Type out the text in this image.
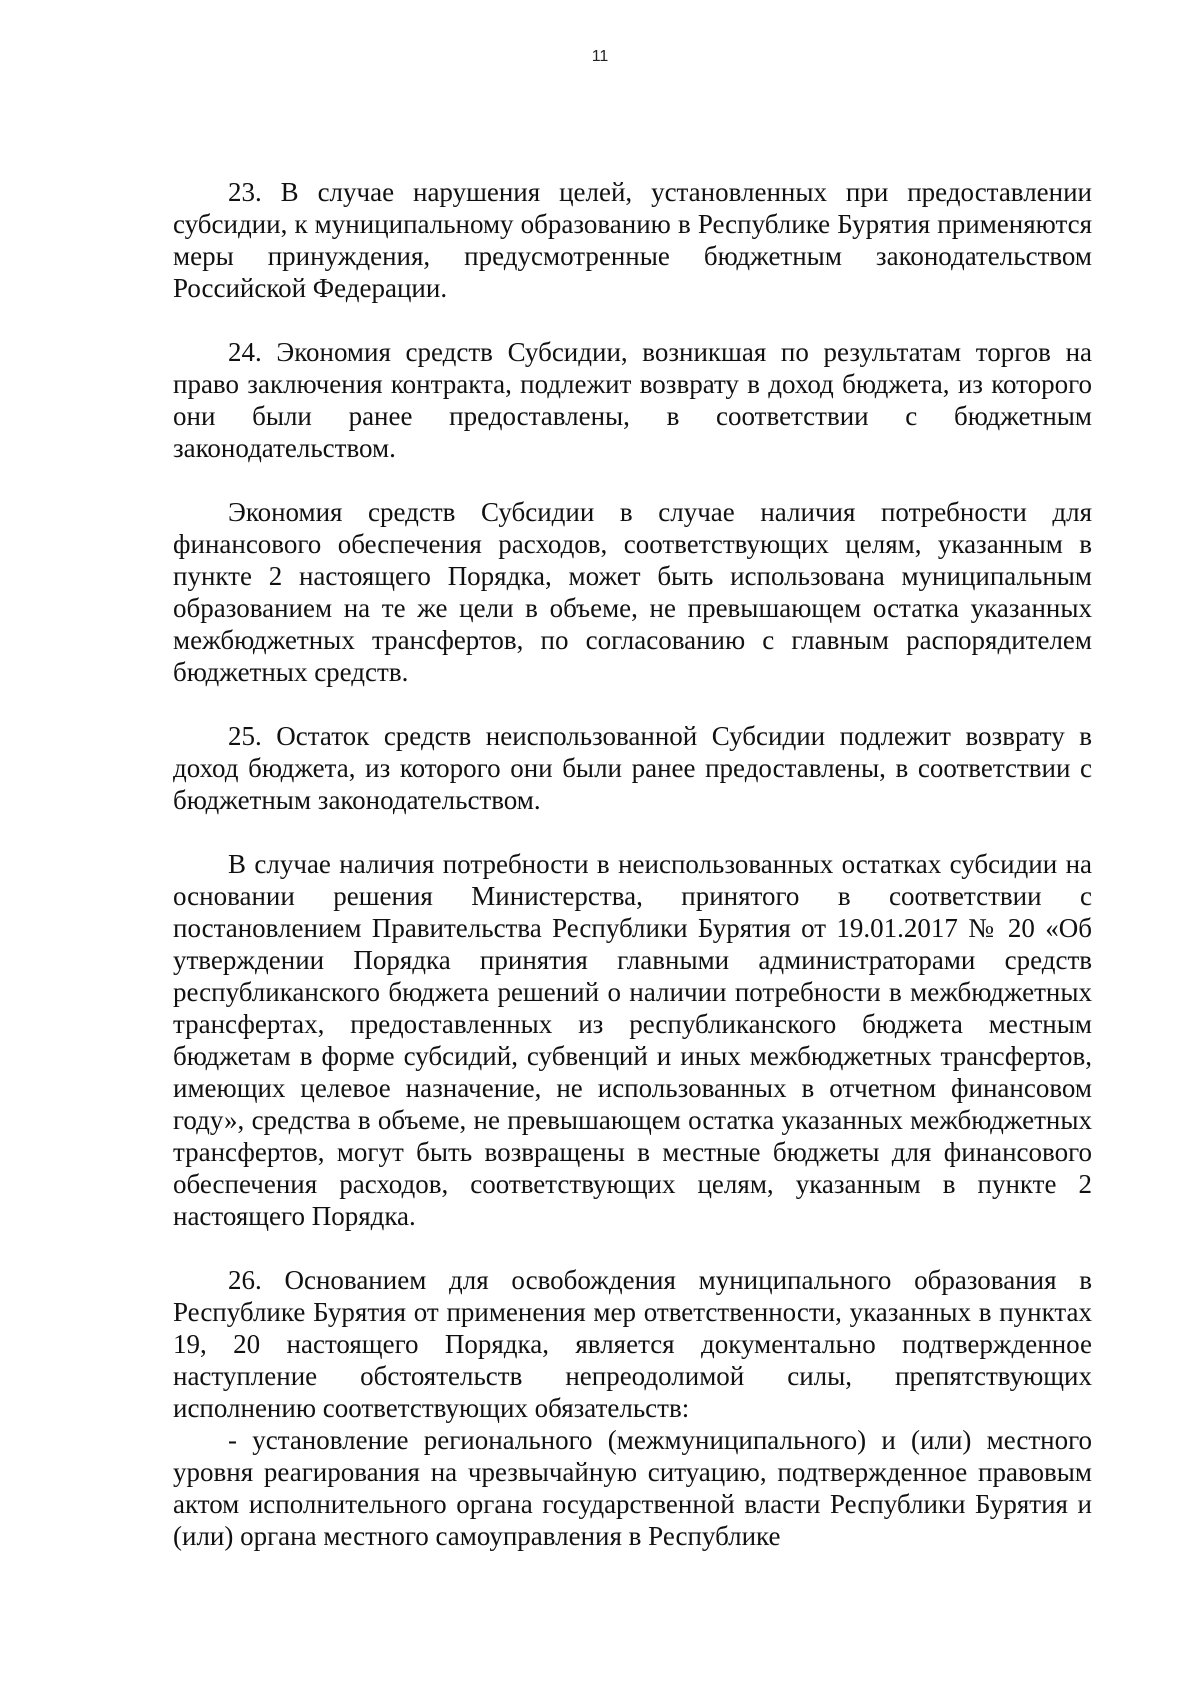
11

23. В случае нарушения целей, установленных при предоставлении субсидии, к муниципальному образованию в Республике Бурятия применяются меры принуждения, предусмотренные бюджетным законодательством Российской Федерации.

24. Экономия средств Субсидии, возникшая по результатам торгов на право заключения контракта, подлежит возврату в доход бюджета, из которого они были ранее предоставлены, в соответствии с бюджетным законодательством.

Экономия средств Субсидии в случае наличия потребности для финансового обеспечения расходов, соответствующих целям, указанным в пункте 2 настоящего Порядка, может быть использована муниципальным образованием на те же цели в объеме, не превышающем остатка указанных межбюджетных трансфертов, по согласованию с главным распорядителем бюджетных средств.

25. Остаток средств неиспользованной Субсидии подлежит возврату в доход бюджета, из которого они были ранее предоставлены, в соответствии с бюджетным законодательством.

В случае наличия потребности в неиспользованных остатках субсидии на основании решения Министерства, принятого в соответствии с постановлением Правительства Республики Бурятия от 19.01.2017 № 20 «Об утверждении Порядка принятия главными администраторами средств республиканского бюджета решений о наличии потребности в межбюджетных трансфертах, предоставленных из республиканского бюджета местным бюджетам в форме субсидий, субвенций и иных межбюджетных трансфертов, имеющих целевое назначение, не использованных в отчетном финансовом году», средства в объеме, не превышающем остатка указанных межбюджетных трансфертов, могут быть возвращены в местные бюджеты для финансового обеспечения расходов, соответствующих целям, указанным в пункте 2 настоящего Порядка.

26. Основанием для освобождения муниципального образования в Республике Бурятия от применения мер ответственности, указанных в пунктах 19, 20 настоящего Порядка, является документально подтвержденное наступление обстоятельств непреодолимой силы, препятствующих исполнению соответствующих обязательств:

- установление регионального (межмуниципального) и (или) местного уровня реагирования на чрезвычайную ситуацию, подтвержденное правовым актом исполнительного органа государственной власти Республики Бурятия и (или) органа местного самоуправления в Республике
